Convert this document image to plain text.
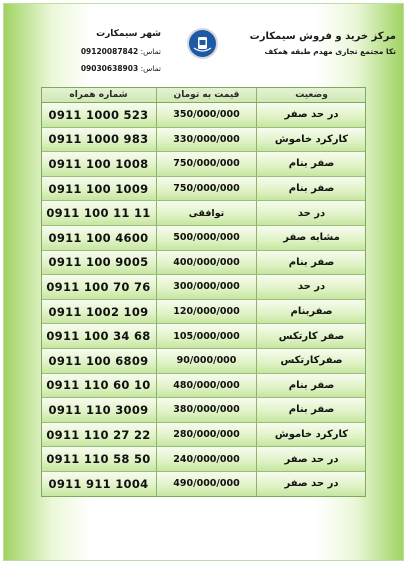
مرکز خرید و فروش سیمکارت
تکا مجتمع تجاری مهدم طبقه همکف
شهر سیمکارت
تماس: 09120087842
تماس: 09030638903
شماره همراه	قیمت به تومان	وضعیت
0911 1000 523	350/000/000	در حد صفر
0911 1000 983	330/000/000	کارکرد خاموش
0911 100 1008	750/000/000	صفر بنام
0911 100 1009	750/000/000	صفر بنام
0911 100 11 11	توافقی	در حد
0911 100 4600	500/000/000	مشابه صفر
0911 100 9005	400/000/000	صفر بنام
0911 100 70 76	300/000/000	در حد
0911 1002 109	120/000/000	صفربنام
0911 100 34 68	105/000/000	صفر کارتکس
0911 100 6809	90/000/000	صفرکارتکس
0911 110 60 10	480/000/000	صفر بنام
0911 110 3009	380/000/000	صفر بنام
0911 110 27 22	280/000/000	کارکرد خاموش
0911 110 58 50	240/000/000	در حد صفر
0911 911 1004	490/000/000	در حد صفر
